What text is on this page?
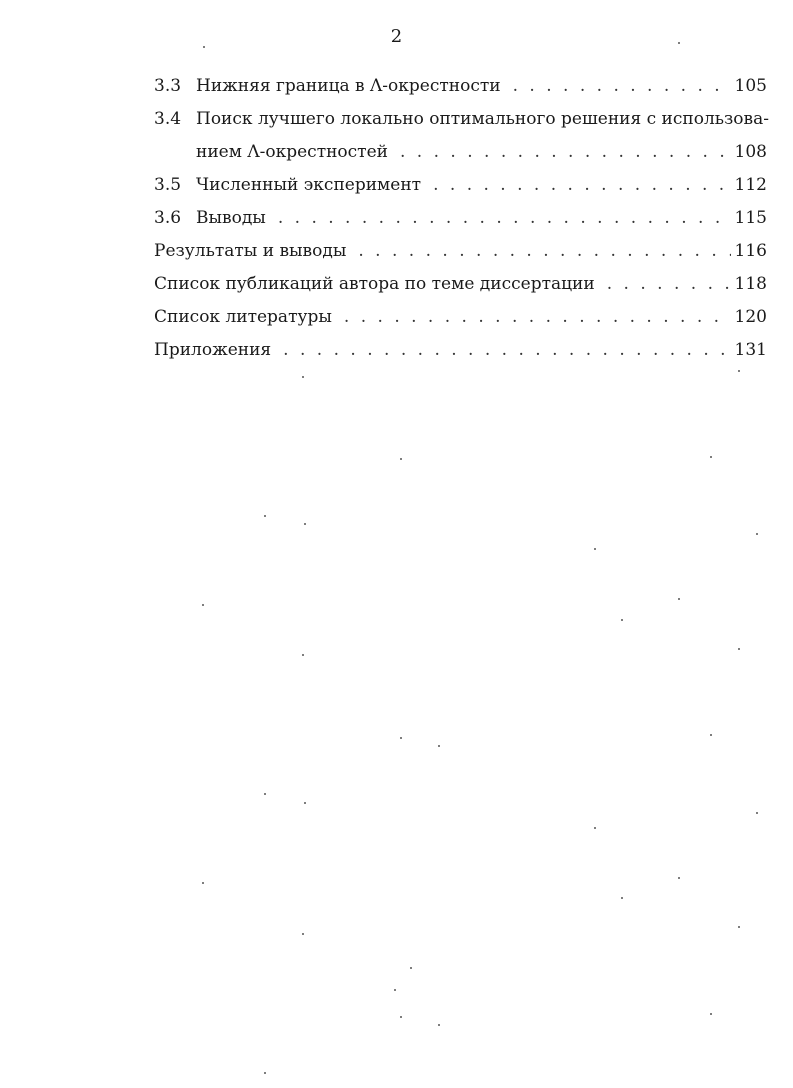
2
3.3 Нижняя граница в Λ-окрестности . . .	105
3.4 Поиск лучшего локально оптимального решения с использова-
нием Λ-окрестностей . . .	108
3.5 Численный эксперимент . . .	112
3.6 Выводы . . .	115
Результаты и выводы . . .	116
Список публикаций автора по теме диссертации . . .	118
Список литературы . . .	120
Приложения . . .	131
